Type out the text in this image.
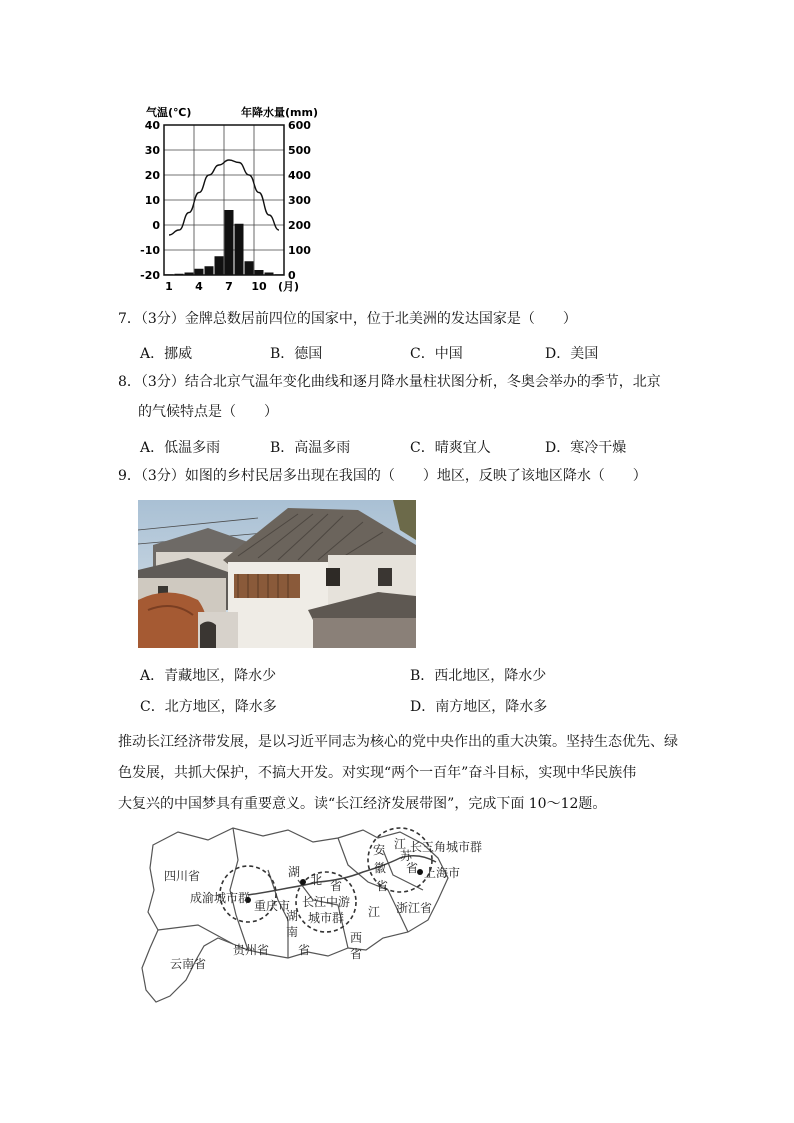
气温(℃)	年降水量(mm)
40
30
20
10
0
-10
-20
600
500
400
300
200
100
0
1 4 7 10 (月)
7．（3分）金牌总数居前四位的国家中，位于北美洲的发达国家是（　　）
A．挪威	B．德国	C．中国	D．美国
8．（3分）结合北京气温年变化曲线和逐月降水量柱状图分析，冬奥会举办的季节，北京
的气候特点是（　　）
A．低温多雨	B．高温多雨	C．晴爽宜人	D．寒冷干燥
9．（3分）如图的乡村民居多出现在我国的（　　）地区，反映了该地区降水（　　）
A．青藏地区，降水少	B．西北地区，降水少
C．北方地区，降水多	D．南方地区，降水多
推动长江经济带发展，是以习近平同志为核心的党中央作出的重大决策。坚持生态优先、绿
色发展，共抓大保护，不搞大开发。对实现“两个一百年”奋斗目标，实现中华民族伟
大复兴的中国梦具有重要意义。读“长江经济发展带图”，完成下面 10～12题。
四川省
成渝城市群
重庆市
贵州省
云南省
湖
北 省
湖
南
省
长江中游
城市群 江
西
省
安
徽
省
江
苏
省
长三角城市群
上海市
浙江省
